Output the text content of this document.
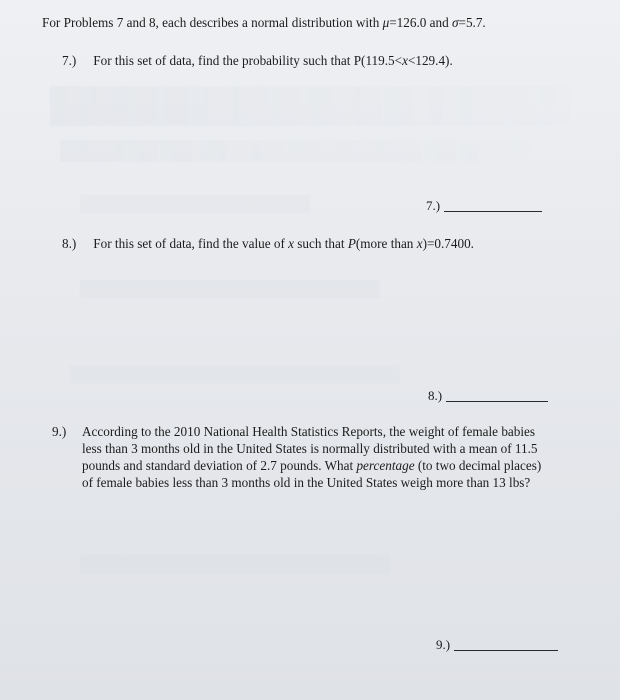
For Problems 7 and 8, each describes a normal distribution with μ=126.0 and σ=5.7.
7.) For this set of data, find the probability such that P(119.5<x<129.4).
7.)
8.) For this set of data, find the value of x such that P(more than x)=0.7400.
8.)
9.) According to the 2010 National Health Statistics Reports, the weight of female babies less than 3 months old in the United States is normally distributed with a mean of 11.5 pounds and standard deviation of 2.7 pounds. What percentage (to two decimal places) of female babies less than 3 months old in the United States weigh more than 13 lbs?
9.)
